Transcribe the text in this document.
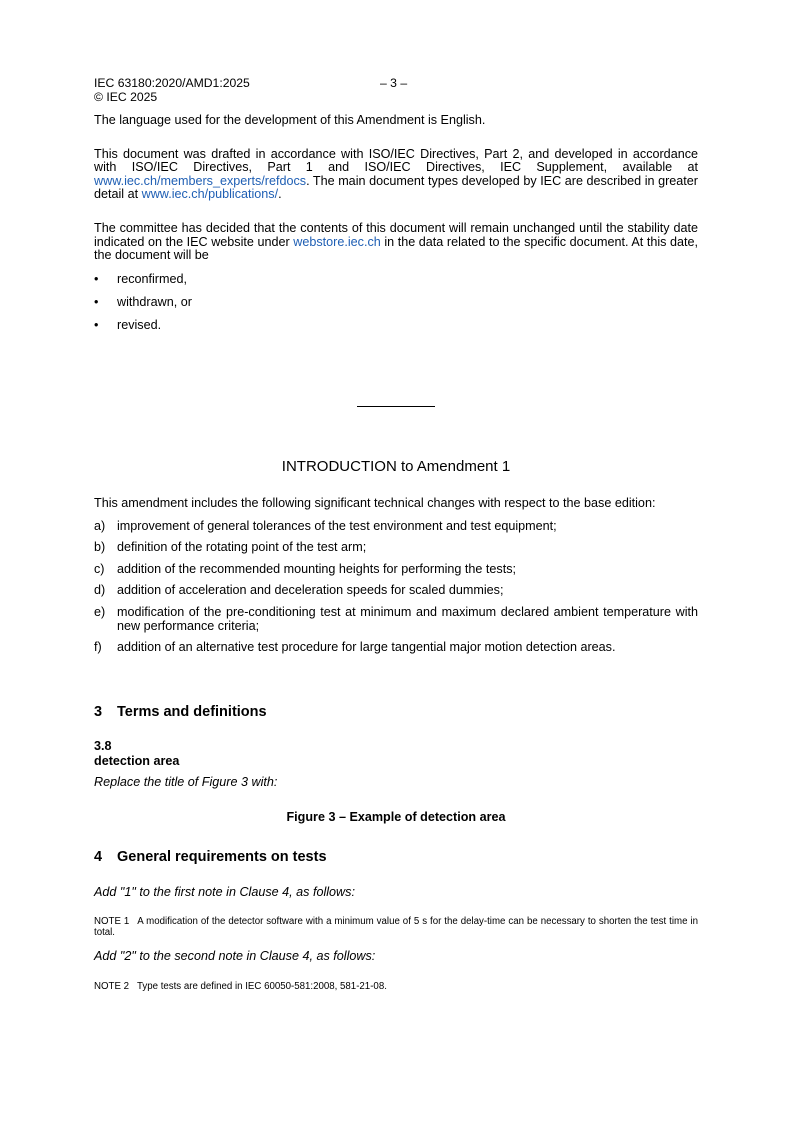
IEC 63180:2020/AMD1:2025	– 3 –
© IEC 2025

The language used for the development of this Amendment is English.

This document was drafted in accordance with ISO/IEC Directives, Part 2, and developed in accordance with ISO/IEC Directives, Part 1 and ISO/IEC Directives, IEC Supplement, available at www.iec.ch/members_experts/refdocs. The main document types developed by IEC are described in greater detail at www.iec.ch/publications/.

The committee has decided that the contents of this document will remain unchanged until the stability date indicated on the IEC website under webstore.iec.ch in the data related to the specific document. At this date, the document will be

• reconfirmed,
• withdrawn, or
• revised.
INTRODUCTION to Amendment 1

This amendment includes the following significant technical changes with respect to the base edition:

a) improvement of general tolerances of the test environment and test equipment;
b) definition of the rotating point of the test arm;
c) addition of the recommended mounting heights for performing the tests;
d) addition of acceleration and deceleration speeds for scaled dummies;
e) modification of the pre-conditioning test at minimum and maximum declared ambient temperature with new performance criteria;
f) addition of an alternative test procedure for large tangential major motion detection areas.
3 Terms and definitions
3.8
detection area
Replace the title of Figure 3 with:
Figure 3 – Example of detection area
4 General requirements on tests
Add "1" to the first note in Clause 4, as follows:
NOTE 1 A modification of the detector software with a minimum value of 5 s for the delay-time can be necessary to shorten the test time in total.
Add "2" to the second note in Clause 4, as follows:
NOTE 2 Type tests are defined in IEC 60050-581:2008, 581-21-08.
